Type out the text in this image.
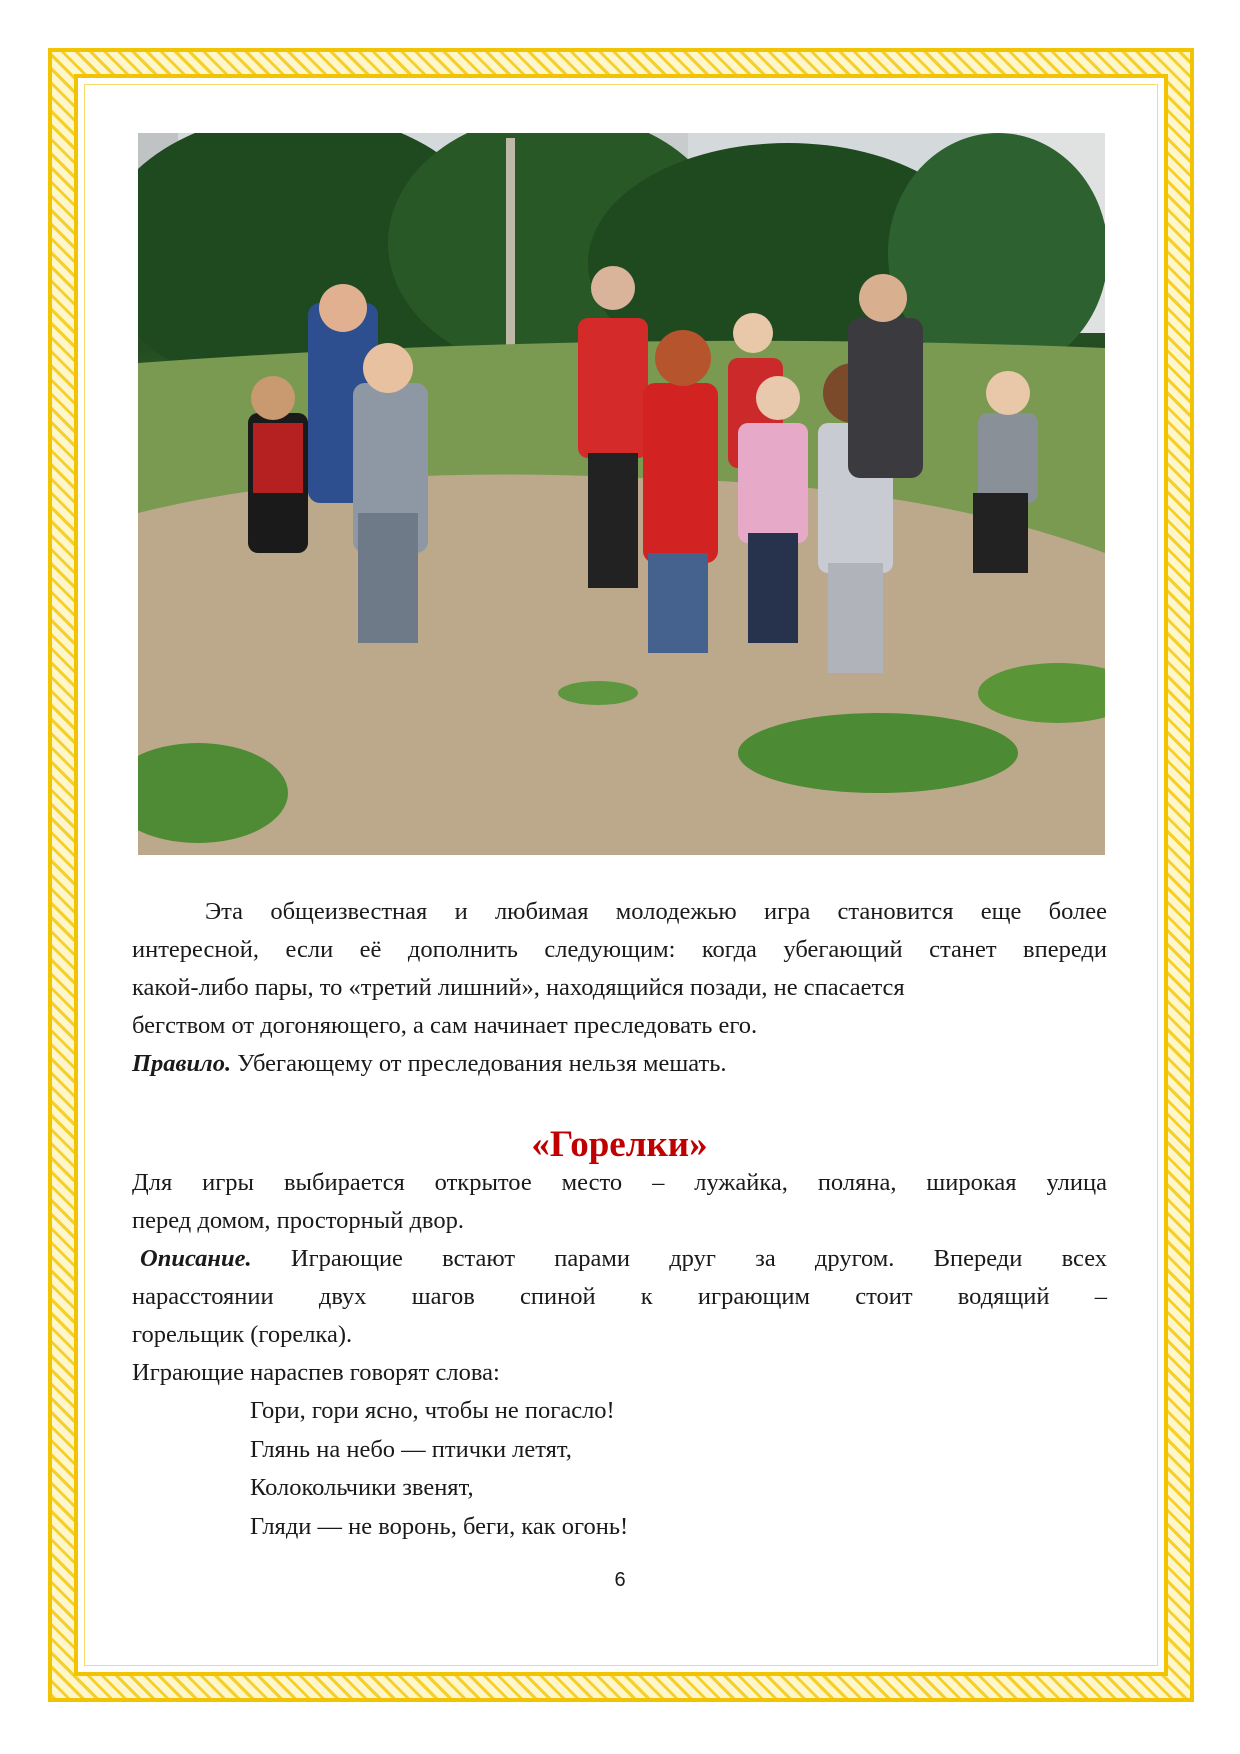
Эта общеизвестная и любимая молодежью игра становится еще более
интересной, если её дополнить следующим: когда убегающий станет впереди
какой-либо пары, то «третий лишний», находящийся позади, не спасается
бегством от догоняющего, а сам начинает преследовать его.
Правило. Убегающему от преследования нельзя мешать.
«Горелки»
Для игры выбирается открытое место – лужайка, поляна, широкая улица
перед домом, просторный двор.
Описание. Играющие встают парами друг за другом. Впереди всех
нарасстоянии двух шагов спиной к играющим стоит водящий –
горельщик (горелка).
Играющие нараспев говорят слова:
Гори, гори ясно, чтобы не погасло!
Глянь на небо — птички летят,
Колокольчики звенят,
Гляди — не воронь, беги, как огонь!
6
